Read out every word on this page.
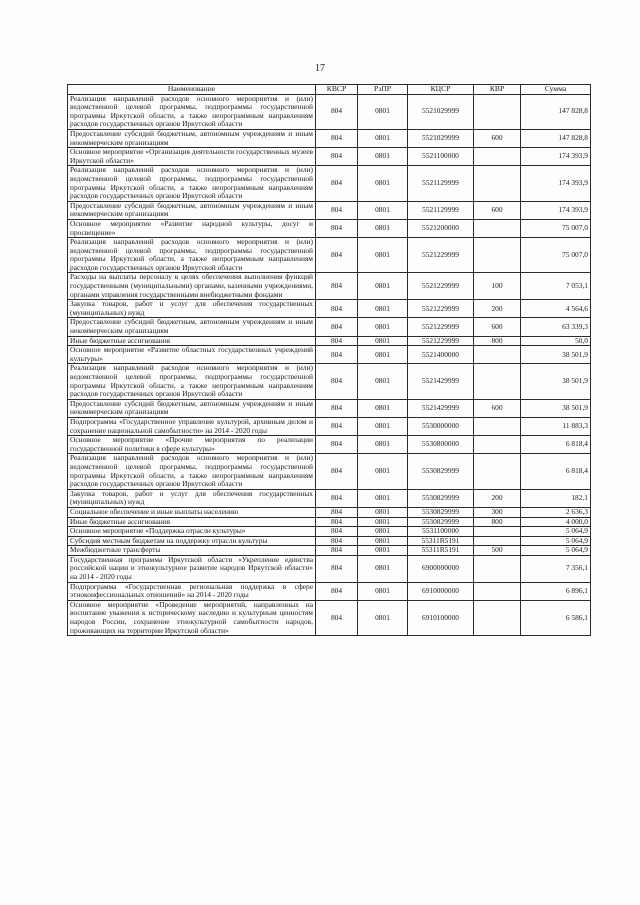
17
Наименование	КВСР	РзПР	КЦСР	КВР	Сумма
Реализация направлений расходов основного мероприятия и (или) ведомственной целевой программы, подпрограммы государственной программы Иркутской области, а также непрограммным направлениям расходов государственных органов Иркутской области	804	0801	5521029999		147 828,8
Предоставление субсидий бюджетным, автономным учреждениям и иным некоммерческим организациям	804	0801	5521029999	600	147 828,8
Основное мероприятие «Организация деятельности государственных музеев Иркутской области»	804	0801	5521100000		174 393,9
Реализация направлений расходов основного мероприятия и (или) ведомственной целевой программы, подпрограммы государственной программы Иркутской области, а также непрограммным направлениям расходов государственных органов Иркутской области	804	0801	5521129999		174 393,9
Предоставление субсидий бюджетным, автономным учреждениям и иным некоммерческим организациям	804	0801	5521129999	600	174 393,9
Основное мероприятие «Развитие народной культуры, досуг и просвещение»	804	0801	5521200000		75 007,0
Реализация направлений расходов основного мероприятия и (или) ведомственной целевой программы, подпрограммы государственной программы Иркутской области, а также непрограммным направлениям расходов государственных органов Иркутской области	804	0801	5521229999		75 007,0
Расходы на выплаты персоналу в целях обеспечения выполнения функций государственными (муниципальными) органами, казенными учреждениями, органами управления государственными внебюджетными фондами	804	0801	5521229999	100	7 053,1
Закупка товаров, работ и услуг для обеспечения государственных (муниципальных) нужд	804	0801	5521229999	200	4 564,6
Предоставление субсидий бюджетным, автономным учреждениям и иным некоммерческим организациям	804	0801	5521229999	600	63 339,3
Иные бюджетные ассигнования	804	0801	5521229999	800	50,0
Основное мероприятие «Развитие областных государственных учреждений культуры»	804	0801	5521400000		38 501,9
Реализация направлений расходов основного мероприятия и (или) ведомственной целевой программы, подпрограммы государственной программы Иркутской области, а также непрограммным направлениям расходов государственных органов Иркутской области	804	0801	5521429999		38 501,9
Предоставление субсидий бюджетным, автономным учреждениям и иным некоммерческим организациям	804	0801	5521429999	600	38 501,9
Подпрограмма «Государственное управление культурой, архивным делом и сохранение национальной самобытности» на 2014 - 2020 годы	804	0801	5530000000		11 883,3
Основное мероприятие «Прочие мероприятия по реализации государственной политики в сфере культуры»	804	0801	5530800000		6 818,4
Реализация направлений расходов основного мероприятия и (или) ведомственной целевой программы, подпрограммы государственной программы Иркутской области, а также непрограммным направлениям расходов государственных органов Иркутской области	804	0801	5530829999		6 818,4
Закупка товаров, работ и услуг для обеспечения государственных (муниципальных) нужд	804	0801	5530829999	200	182,1
Социальное обеспечение и иные выплаты населению	804	0801	5530829999	300	2 636,3
Иные бюджетные ассигнования	804	0801	5530829999	800	4 000,0
Основное мероприятие «Поддержка отрасли культуры»	804	0801	5531100000		5 064,9
Субсидия местным бюджетам на поддержку отрасли культуры	804	0801	55311R5191		5 064,9
Межбюджетные трансферты	804	0801	55311R5191	500	5 064,9
Государственная программа Иркутской области «Укрепление единства российской нации и этнокультурное развитие народов Иркутской области» на 2014 - 2020 годы	804	0801	6900000000		7 356,1
Подпрограмма «Государственная региональная поддержка в сфере этноконфессиональных отношений» на 2014 - 2020 годы	804	0801	6910000000		6 896,1
Основное мероприятие «Проведение мероприятий, направленных на воспитание уважения к историческому наследию и культурным ценностям народов России, сохранение этнокультурной самобытности народов, проживающих на территории Иркутской области»	804	0801	6910100000		6 586,1
